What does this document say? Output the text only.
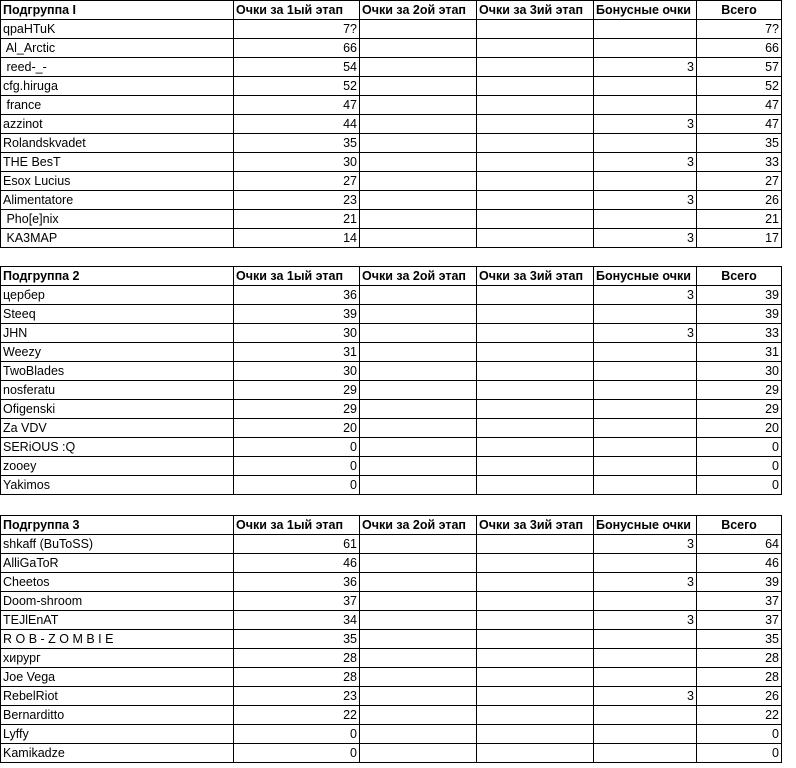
Подгруппа I	Очки за 1ый этап	Очки за 2ой этап	Очки за 3ий этап	Бонусные очки	Всего
qpaHTuK	7?				7?
Al_Arctic	66				66
reed-_-	54			3	57
cfg.hiruga	52				52
france	47				47
azzinot	44			3	47
Rolandskvadet	35				35
THE BesT	30			3	33
Esox Lucius	27				27
Alimentatore	23			3	26
Pho[e]nix	21				21
KA3MAP	14			3	17
Подгруппа 2	Очки за 1ый этап	Очки за 2ой этап	Очки за 3ий этап	Бонусные очки	Всего
цербер	36			3	39
Steeq	39				39
JHN	30			3	33
Weezy	31				31
TwoBlades	30				30
nosferatu	29				29
Ofigenski	29				29
Za VDV	20				20
SERiOUS :Q	0				0
zooey	0				0
Yakimos	0				0
Подгруппа 3	Очки за 1ый этап	Очки за 2ой этап	Очки за 3ий этап	Бонусные очки	Всего
shkaff (BuToSS)	61			3	64
AlliGaToR	46				46
Cheetos	36			3	39
Doom-shroom	37				37
TEJlEnAT	34			3	37
R O B - Z O M B I E	35				35
хирург	28				28
Joe Vega	28				28
RebelRiot	23			3	26
Bernarditto	22				22
Lyffy	0				0
Kamikadze	0				0
